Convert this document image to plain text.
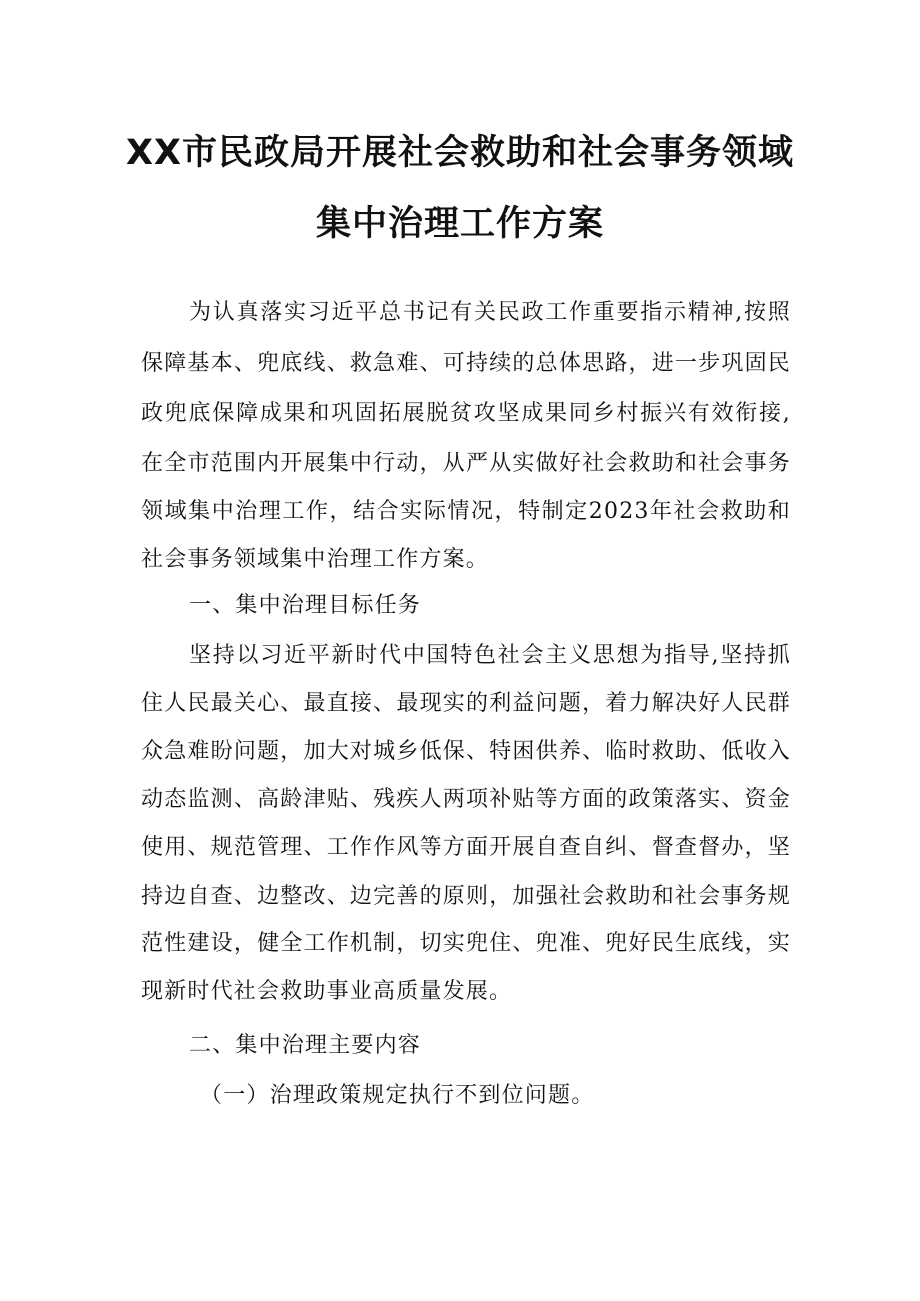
XX市民政局开展社会救助和社会事务领域
集中治理工作方案
为认真落实习近平总书记有关民政工作重要指示精神,按照
保障基本、兜底线、救急难、可持续的总体思路，进一步巩固民
政兜底保障成果和巩固拓展脱贫攻坚成果同乡村振兴有效衔接,
在全市范围内开展集中行动，从严从实做好社会救助和社会事务
领域集中治理工作，结合实际情况，特制定2023年社会救助和
社会事务领域集中治理工作方案。
一、集中治理目标任务
坚持以习近平新时代中国特色社会主义思想为指导,坚持抓
住人民最关心、最直接、最现实的利益问题，着力解决好人民群
众急难盼问题，加大对城乡低保、特困供养、临时救助、低收入
动态监测、高龄津贴、残疾人两项补贴等方面的政策落实、资金
使用、规范管理、工作作风等方面开展自查自纠、督查督办，坚
持边自查、边整改、边完善的原则，加强社会救助和社会事务规
范性建设，健全工作机制，切实兜住、兜准、兜好民生底线，实
现新时代社会救助事业高质量发展。
二、集中治理主要内容
（一）治理政策规定执行不到位问题。
